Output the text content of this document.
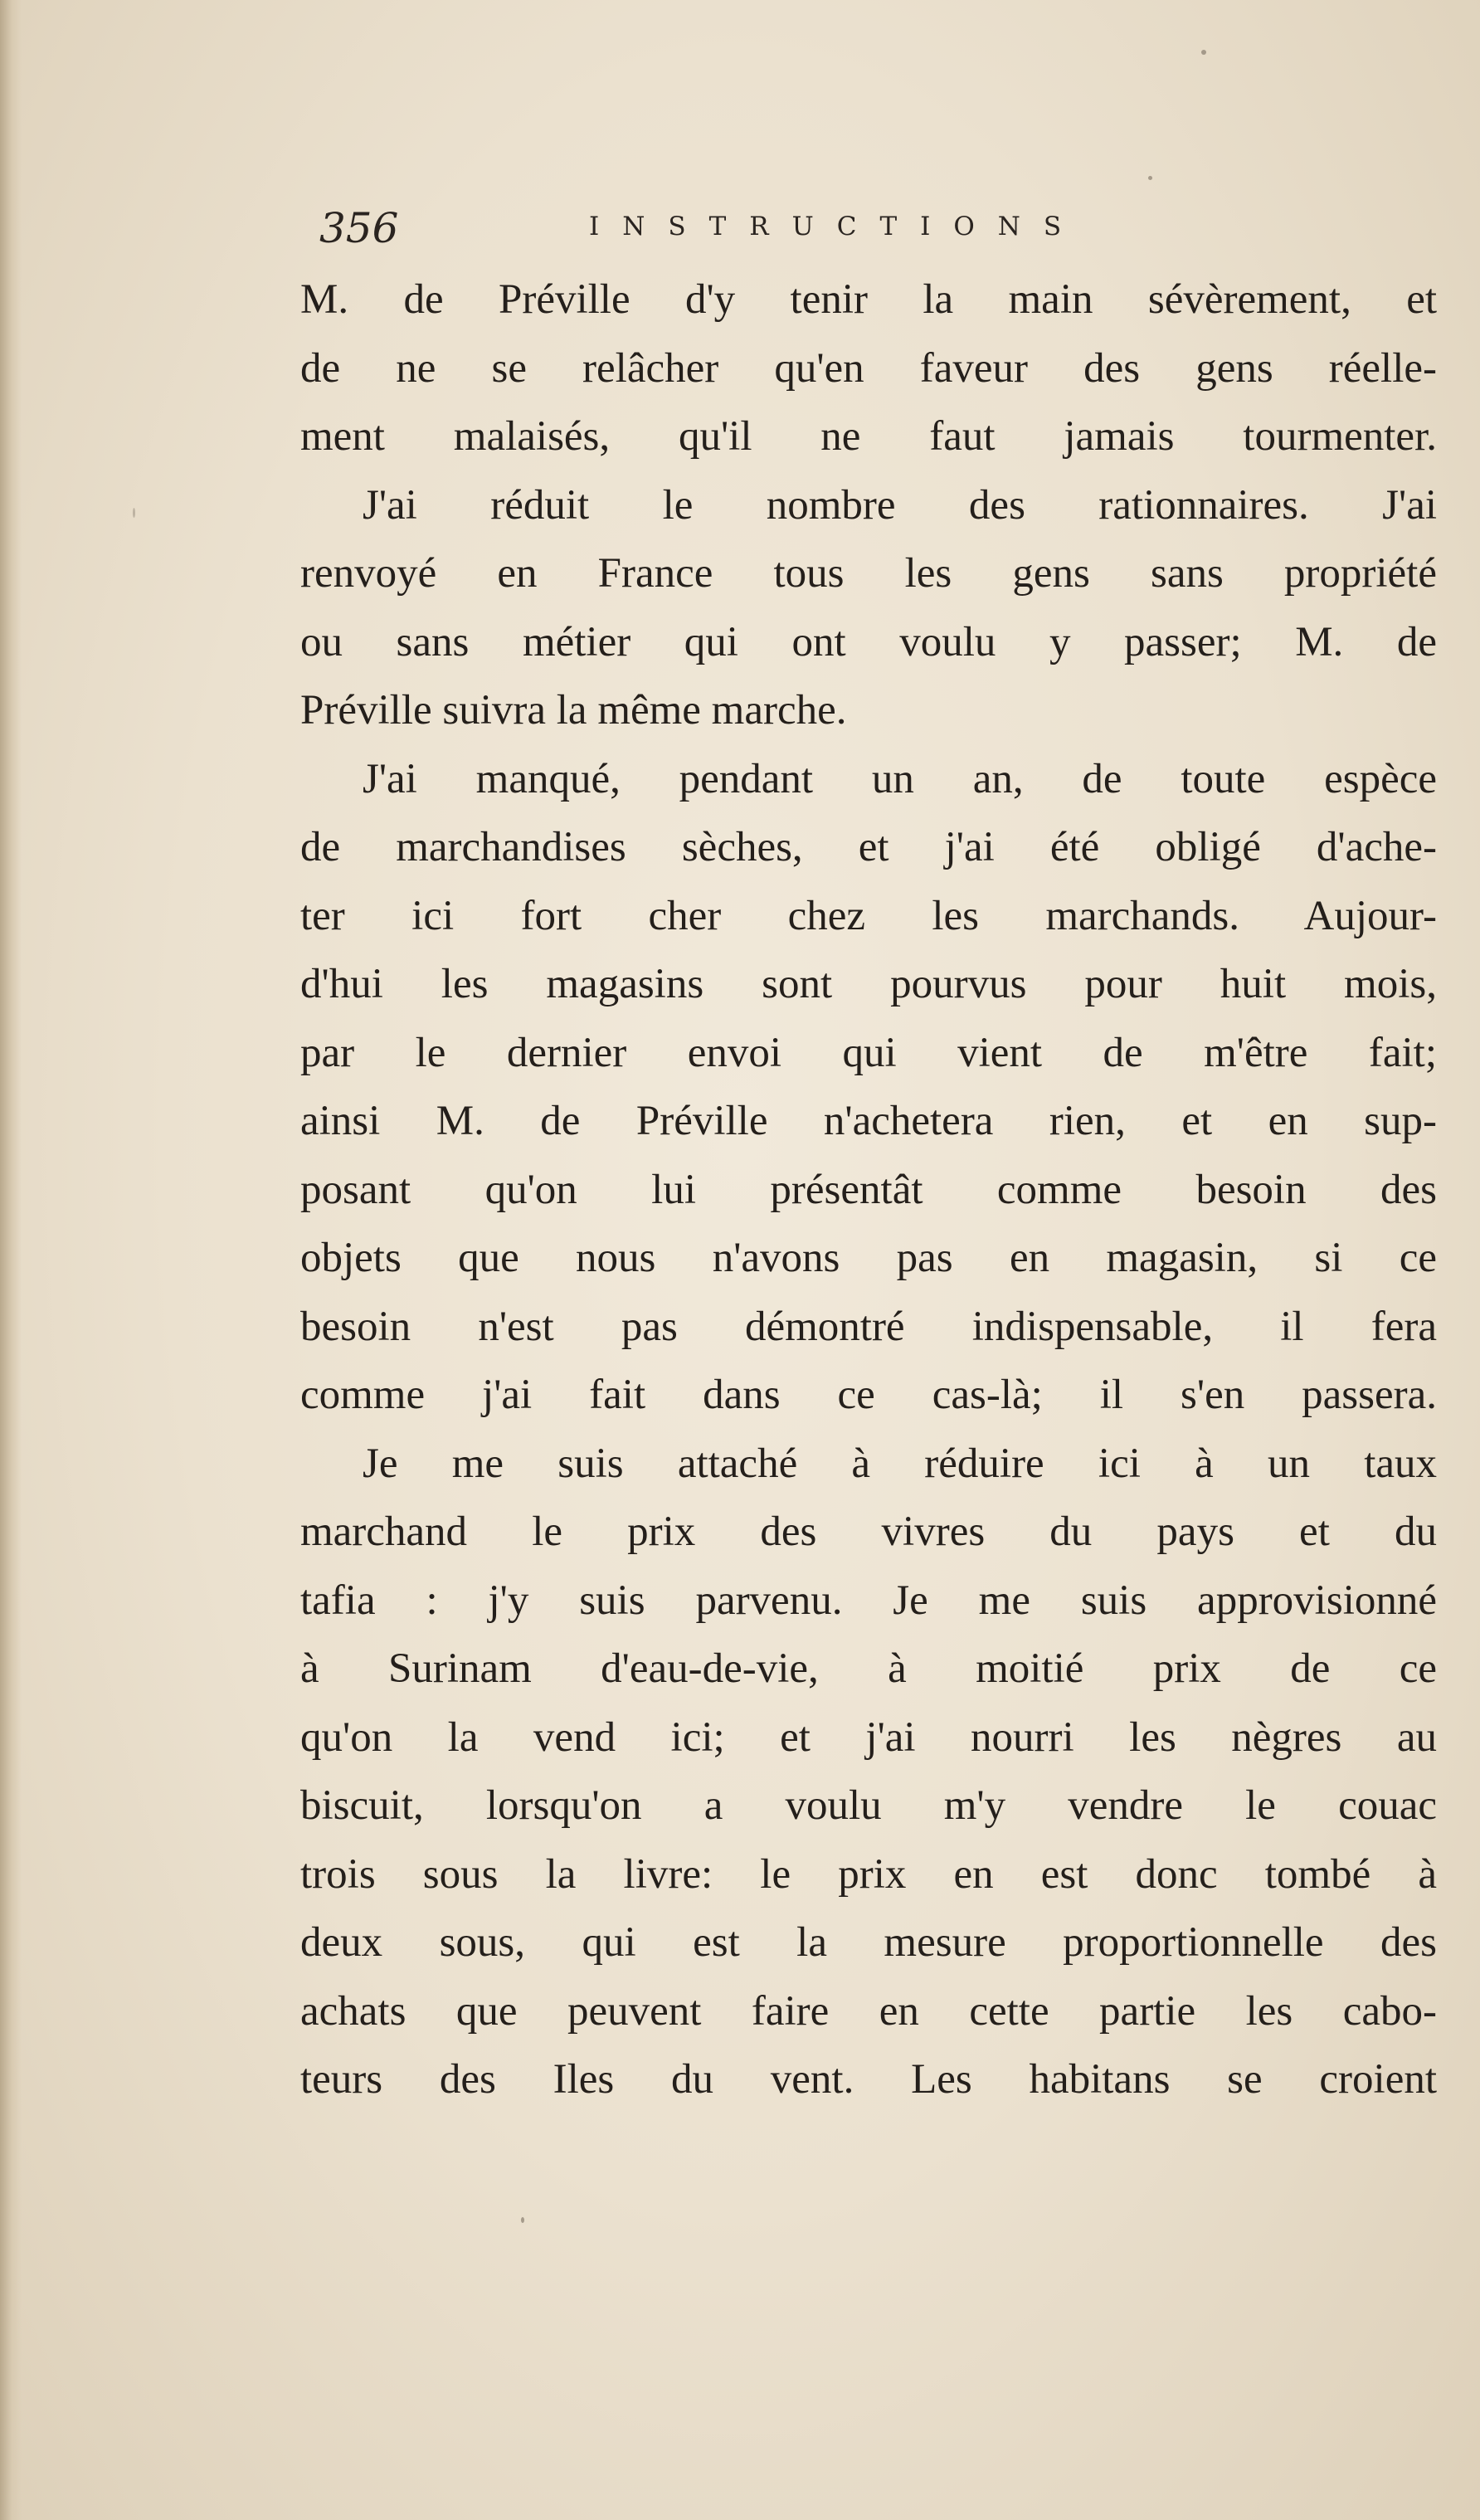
356	INSTRUCTIONS
M. de Préville d'y tenir la main sévèrement, et
de ne se relâcher qu'en faveur des gens réelle-
ment malaisés, qu'il ne faut jamais tourmenter.
J'ai réduit le nombre des rationnaires. J'ai
renvoyé en France tous les gens sans propriété
ou sans métier qui ont voulu y passer; M. de
Préville suivra la même marche.
J'ai manqué, pendant un an, de toute espèce
de marchandises sèches, et j'ai été obligé d'ache-
ter ici fort cher chez les marchands. Aujour-
d'hui les magasins sont pourvus pour huit mois,
par le dernier envoi qui vient de m'être fait;
ainsi M. de Préville n'achetera rien, et en sup-
posant qu'on lui présentât comme besoin des
objets que nous n'avons pas en magasin, si ce
besoin n'est pas démontré indispensable, il fera
comme j'ai fait dans ce cas-là; il s'en passera.
Je me suis attaché à réduire ici à un taux
marchand le prix des vivres du pays et du
tafia : j'y suis parvenu. Je me suis approvisionné
à Surinam d'eau-de-vie, à moitié prix de ce
qu'on la vend ici; et j'ai nourri les nègres au
biscuit, lorsqu'on a voulu m'y vendre le couac
trois sous la livre: le prix en est donc tombé à
deux sous, qui est la mesure proportionnelle des
achats que peuvent faire en cette partie les cabo-
teurs des Iles du vent. Les habitans se croient
